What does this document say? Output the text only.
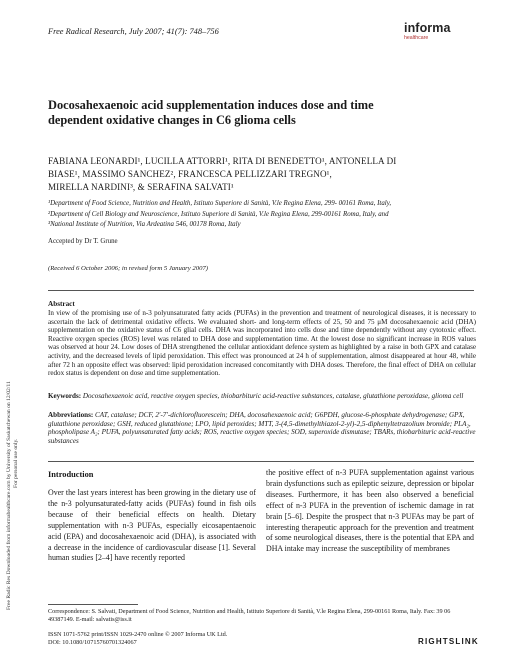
Free Radical Research, July 2007; 41(7): 748–756	informa
healthcare
Free Radic Res Downloaded from informahealthcare.com by University of Saskatchewan on 12/02/11 For personal use only.
Docosahexaenoic acid supplementation induces dose and time dependent oxidative changes in C6 glioma cells
FABIANA LEONARDI¹, LUCILLA ATTORRI¹, RITA DI BENEDETTO¹, ANTONELLA DI
BIASE¹, MASSIMO SANCHEZ², FRANCESCA PELLIZZARI TREGNO¹,
MIRELLA NARDINI³, & SERAFINA SALVATI¹
¹Department of Food Science, Nutrition and Health, Istituto Superiore di Sanità, V.le Regina Elena, 299- 00161 Roma, Italy,
²Department of Cell Biology and Neuroscience, Istituto Superiore di Sanità, V.le Regina Elena, 299-00161 Roma, Italy, and
³National Institute of Nutrition, Via Ardeatina 546, 00178 Roma, Italy
Accepted by Dr T. Grune
(Received 6 October 2006; in revised form 5 January 2007)
Abstract
In view of the promising use of n-3 polyunsaturated fatty acids (PUFAs) in the prevention and treatment of neurological diseases, it is necessary to ascertain the lack of detrimental oxidative effects. We evaluated short- and long-term effects of 25, 50 and 75 μM docosahexaenoic acid (DHA) supplementation on the oxidative status of C6 glial cells. DHA was incorporated into cells dose and time dependently without any cytotoxic effect. Reactive oxygen species (ROS) level was related to DHA dose and supplementation time. At the lowest dose no significant increase in ROS values was observed at hour 24. Low doses of DHA strengthened the cellular antioxidant defence system as highlighted by a raise in both GPX and catalase activity, and the decreased levels of lipid peroxidation. This effect was pronounced at 24 h of supplementation, almost disappeared at hour 48, while after 72 h an opposite effect was observed: lipid peroxidation increased concomitantly with DHA doses. Therefore, the final effect of DHA on cellular redox status is dependent on dose and time supplementation.
Keywords: Docosahexaenoic acid, reactive oxygen species, thiobarbituric acid-reactive substances, catalase, glutathione peroxidase, glioma cell
Abbreviations: CAT, catalase; DCF, 2′-7′-dichlorofluorescein; DHA, docosahexaenoic acid; G6PDH, glucose-6-phosphate dehydrogenase; GPX, glutathione peroxidase; GSH, reduced glutathione; LPO, lipid peroxides; MTT, 3-(4,5-dimethylthiazol-2-yl)-2,5-diphenyltetrazolium bromide; PLA₂, phospholipase A₂; PUFA, polyunsaturated fatty acids; ROS, reactive oxygen species; SOD, superoxide dismutase; TBARs, thiobarbituric acid-reactive substances
Introduction
Over the last years interest has been growing in the dietary use of the n-3 polyunsaturated-fatty acids (PUFAs) found in fish oils because of their beneficial effects on health. Dietary supplementation with n-3 PUFAs, especially eicosapentaenoic acid (EPA) and docosahexaenoic acid (DHA), is associated with a decrease in the incidence of cardiovascular disease [1]. Several human studies [2–4] have recently reported
the positive effect of n-3 PUFA supplementation against various brain dysfunctions such as epileptic seizure, depression or bipolar diseases. Furthermore, it has been also observed a beneficial effect of n-3 PUFA in the prevention of ischemic damage in rat brain [5–6]. Despite the prospect that n-3 PUFAs may be part of interesting therapeutic approach for the prevention and treatment of some neurological diseases, there is the potential that EPA and DHA intake may increase the susceptibility of membranes
Correspondence: S. Salvati, Department of Food Science, Nutrition and Health, Istituto Superiore di Sanità, V.le Regina Elena, 299-00161 Roma, Italy. Fax: 39 06 49387149. E-mail: salvatis@iss.it
ISSN 1071-5762 print/ISSN 1029-2470 online © 2007 Informa UK Ltd.
DOI: 10.1080/10715760701324067	RIGHTSLINK
